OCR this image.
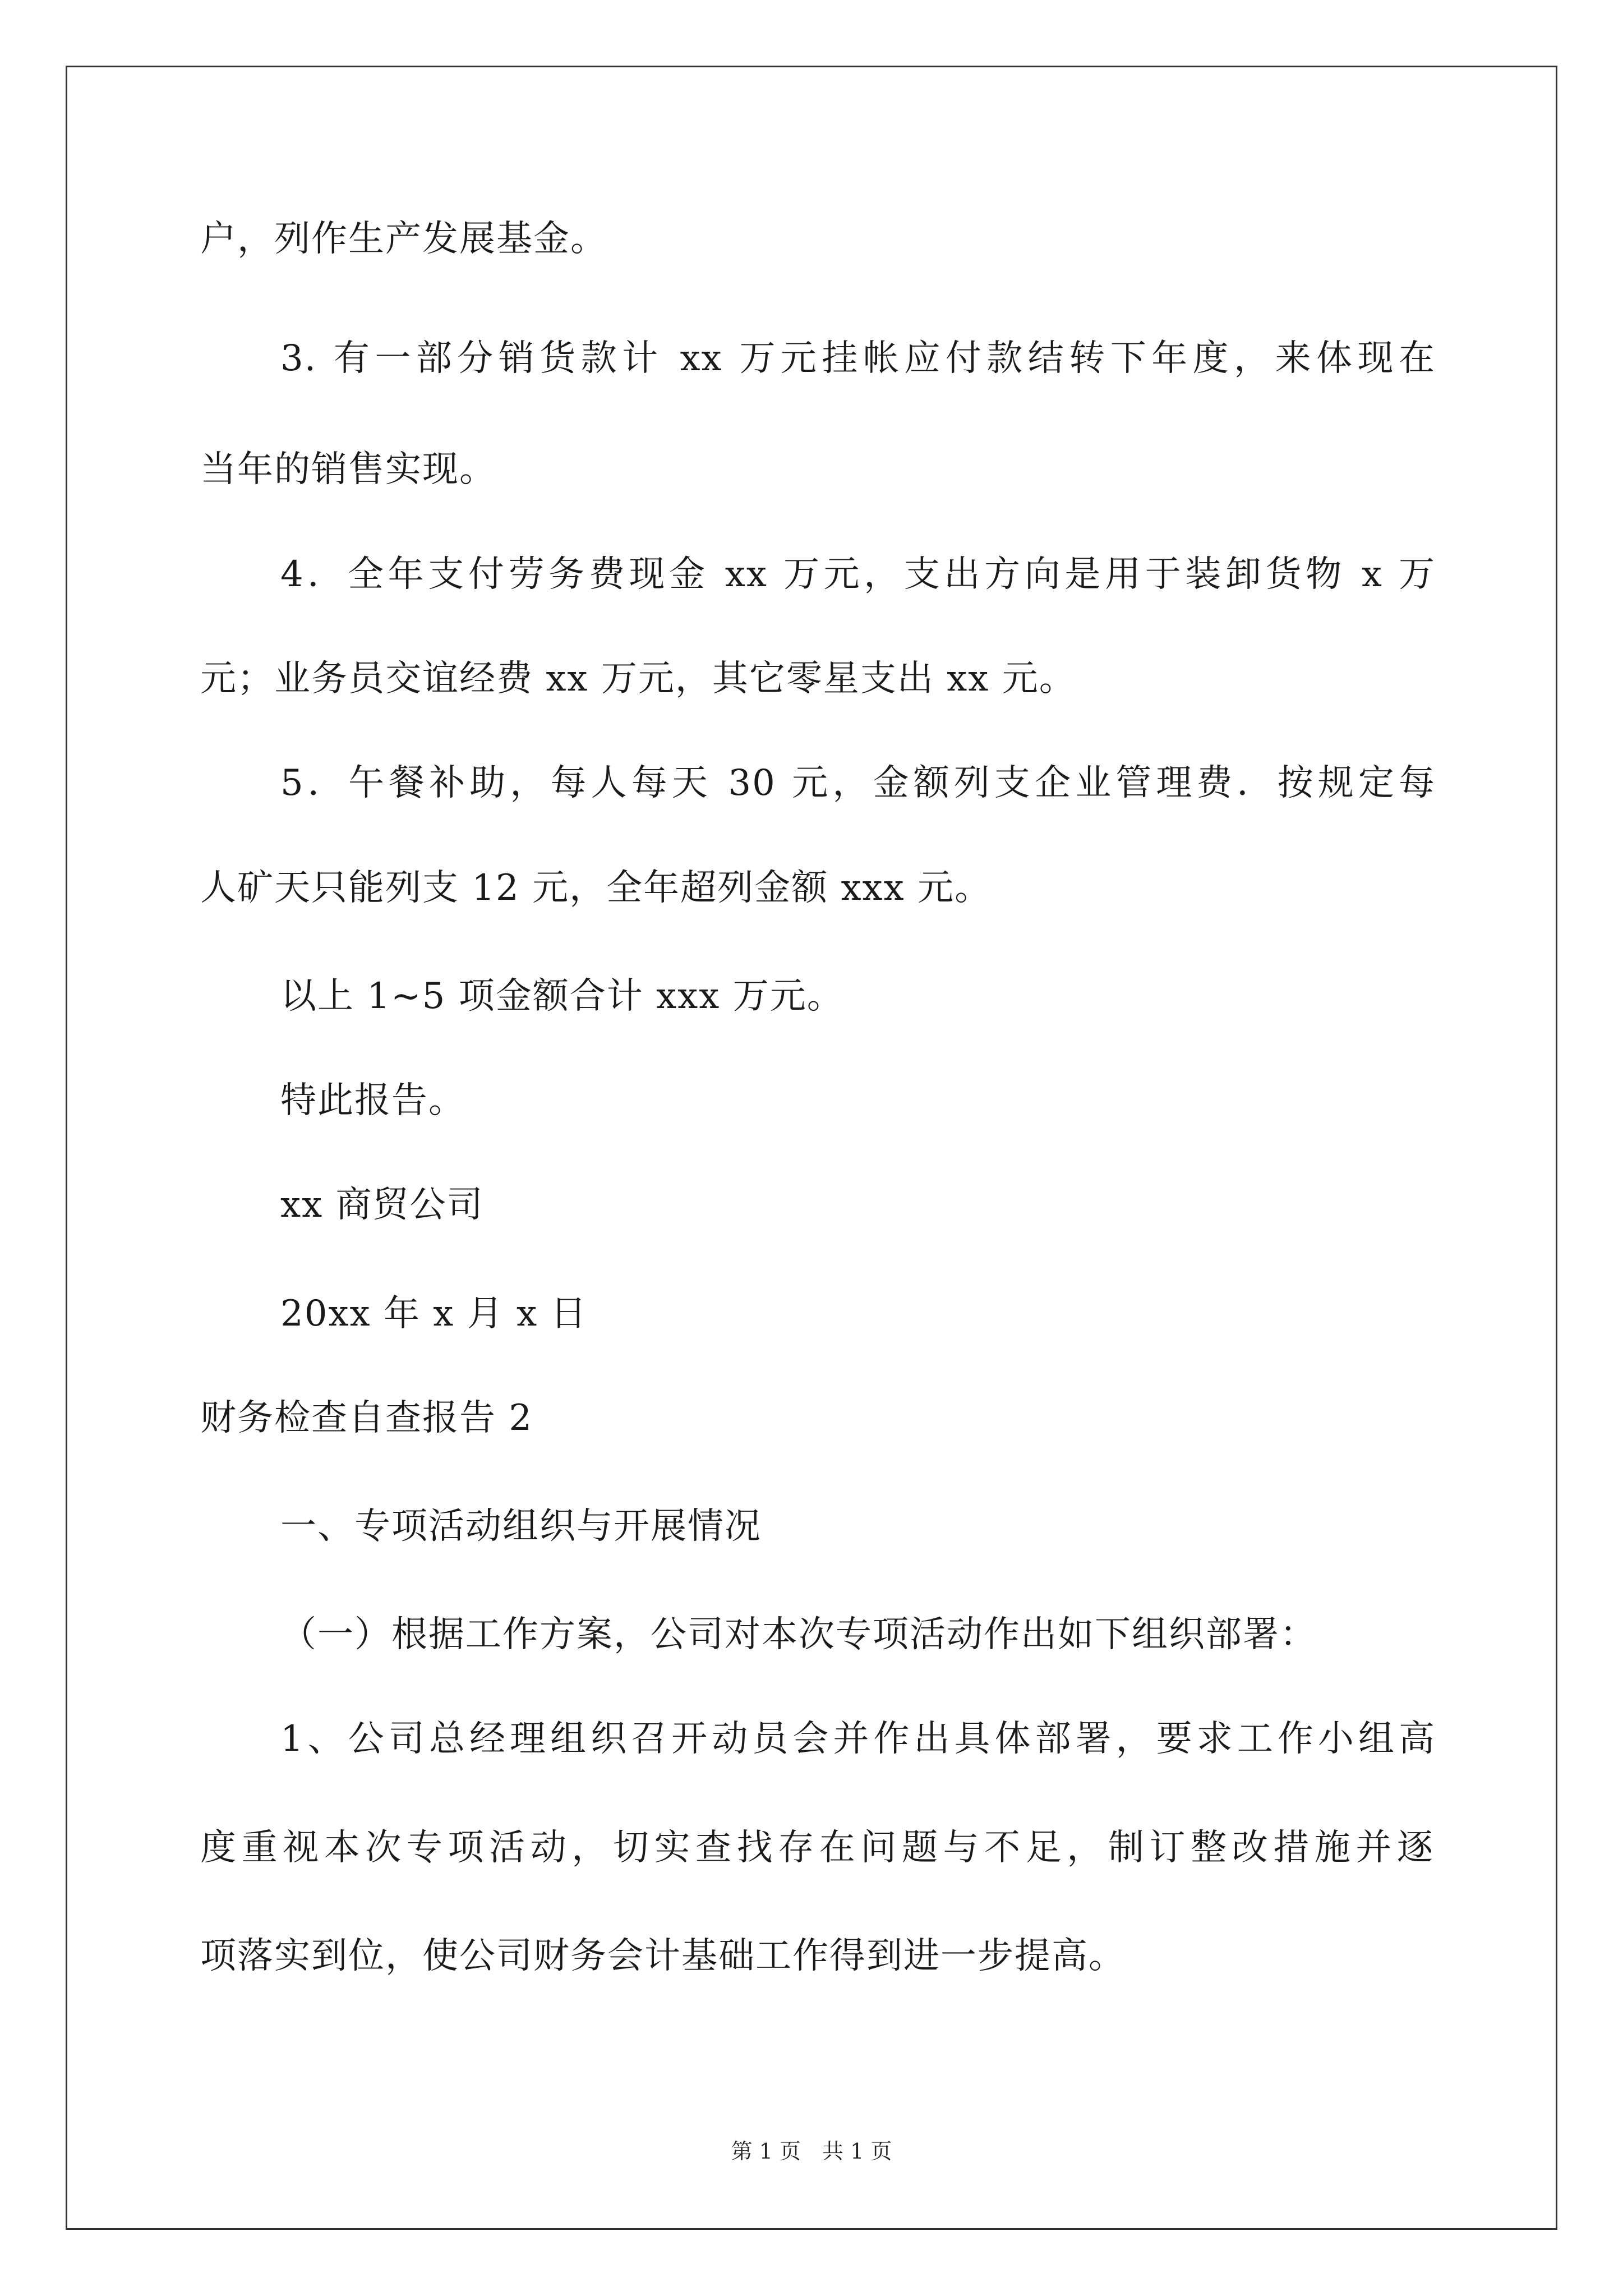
户，列作生产发展基金。

3. 有一部分销货款计 xx 万元挂帐应付款结转下年度，来体现在

当年的销售实现。

4．全年支付劳务费现金 xx 万元，支出方向是用于装卸货物 x 万

元；业务员交谊经费 xx 万元，其它零星支出 xx 元。

5．午餐补助，每人每天 30 元，金额列支企业管理费．按规定每

人矿天只能列支 12 元，全年超列金额 xxx 元。

以上 1~5 项金额合计 xxx 万元。

特此报告。

xx 商贸公司

20xx 年 x 月 x 日

财务检查自查报告 2

一、专项活动组织与开展情况

（一）根据工作方案，公司对本次专项活动作出如下组织部署：

1、公司总经理组织召开动员会并作出具体部署，要求工作小组高

度重视本次专项活动，切实查找存在问题与不足，制订整改措施并逐

项落实到位，使公司财务会计基础工作得到进一步提高。

第 1 页　共 1 页
